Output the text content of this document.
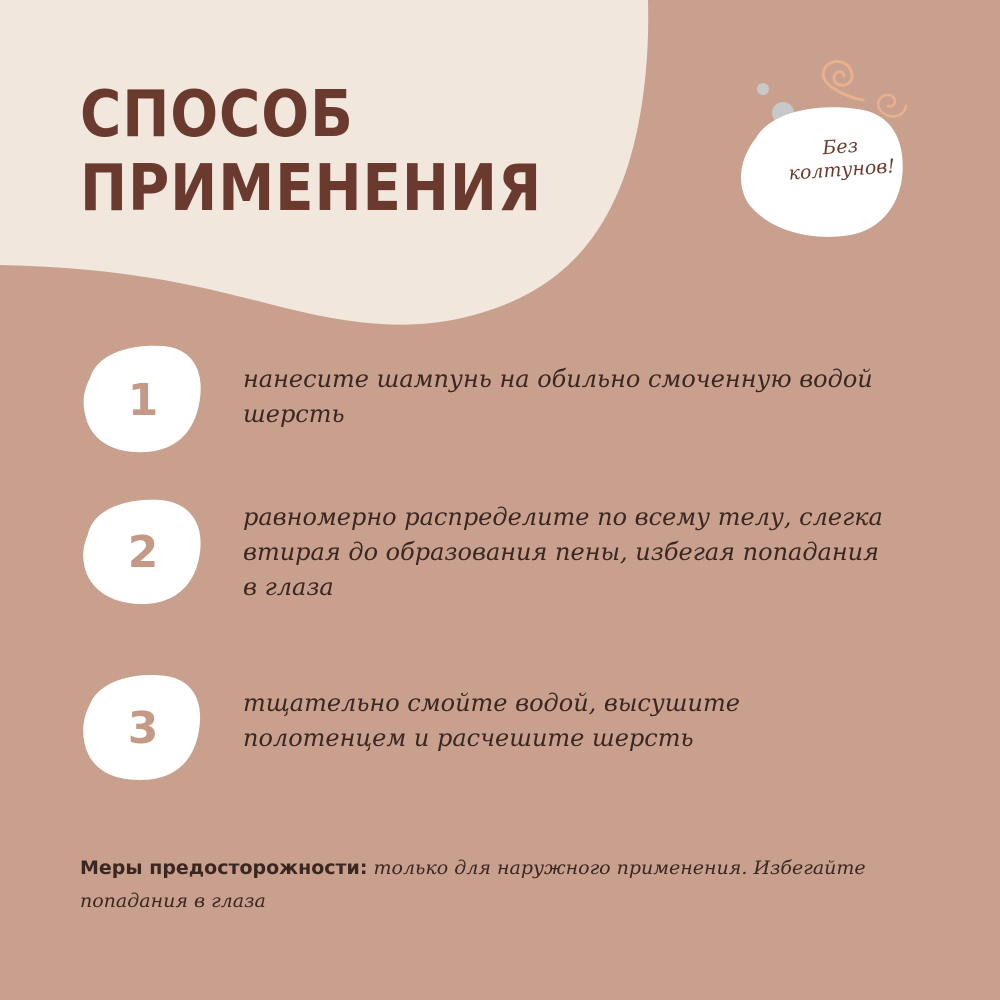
СПОСОБ
ПРИМЕНЕНИЯ
Без
колтунов!
1	нанесите шампунь на обильно смоченную водой шерсть

2

равномерно распределите по всему телу, слегка втирая до образования пены, избегая попадания в глаза

3	тщательно смойте водой, высушите полотенцем и расчешите шерсть

Меры предосторожности: только для наружного применения. Избегайте попадания в глаза
